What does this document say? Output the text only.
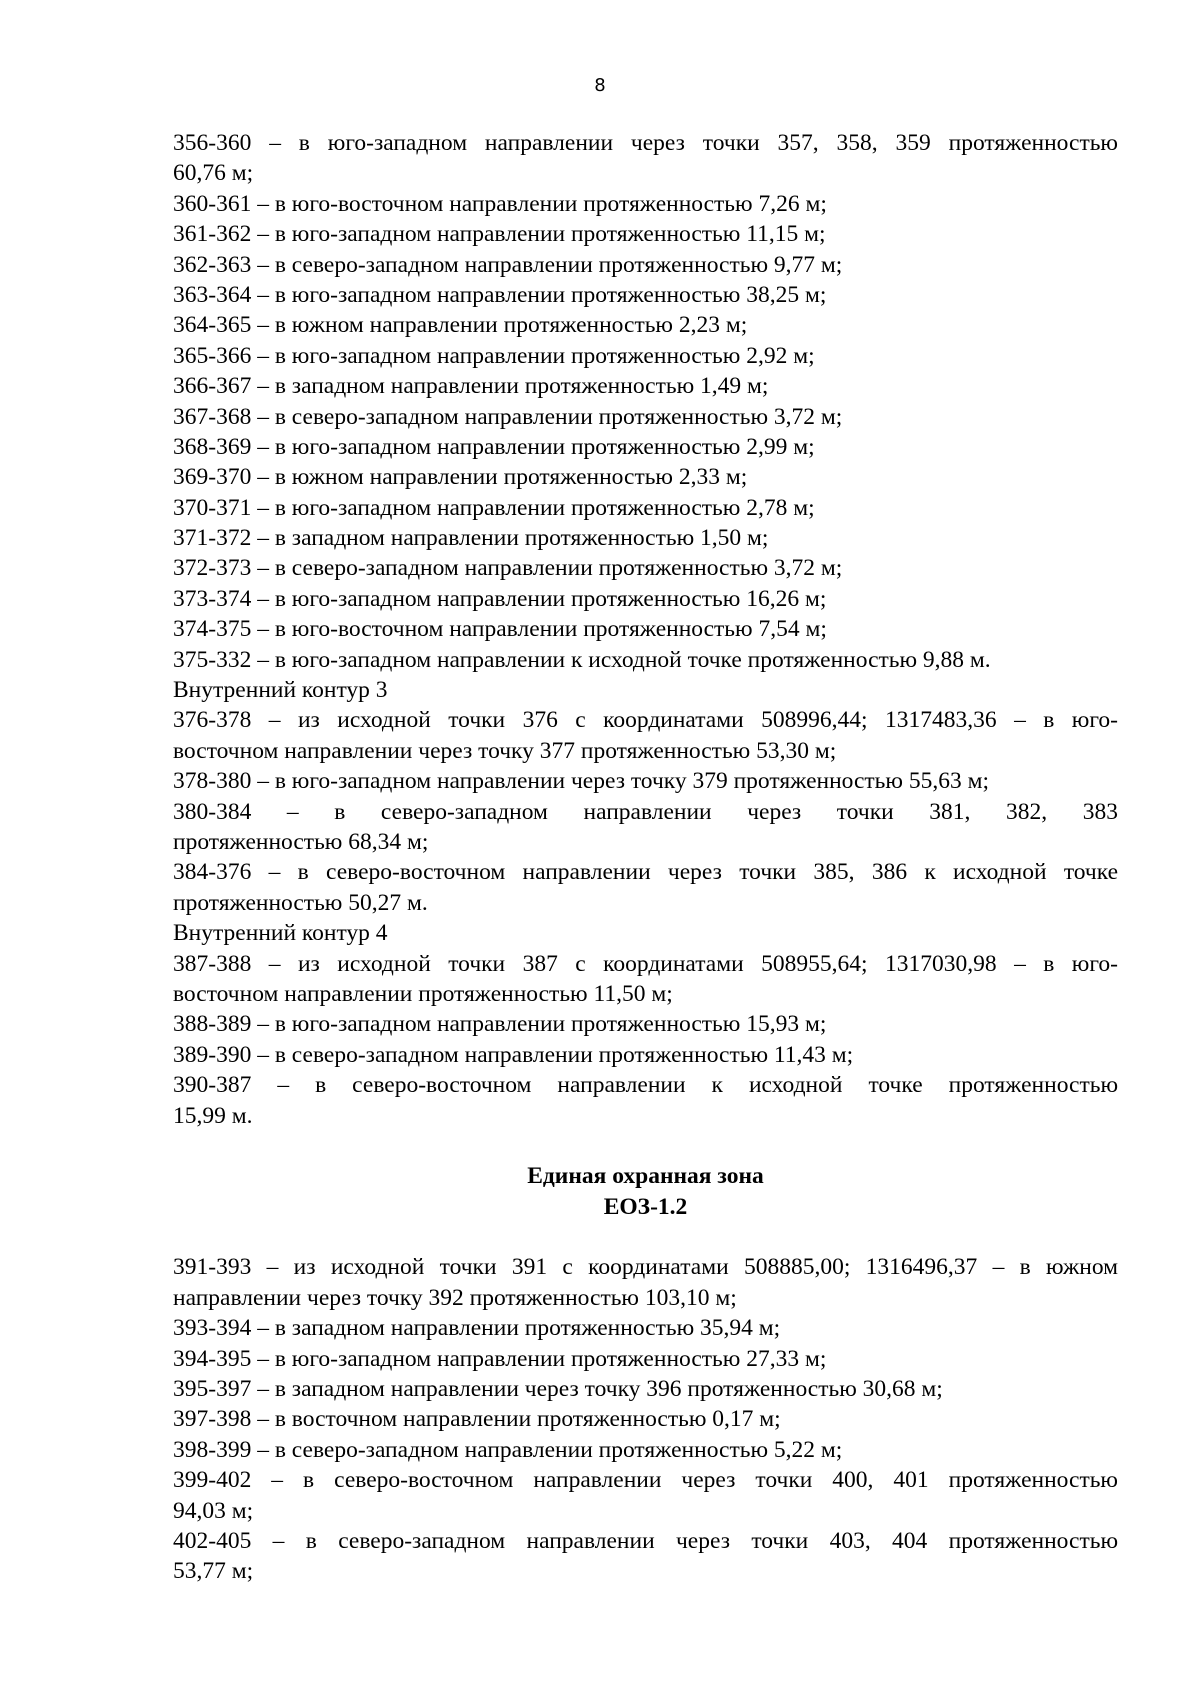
8
356-360 – в юго-западном направлении через точки 357, 358, 359 протяженностью
60,76 м;
360-361 – в юго-восточном направлении протяженностью 7,26 м;
361-362 – в юго-западном направлении протяженностью 11,15 м;
362-363 – в северо-западном направлении протяженностью 9,77 м;
363-364 – в юго-западном направлении протяженностью 38,25 м;
364-365 – в южном направлении протяженностью 2,23 м;
365-366 – в юго-западном направлении протяженностью 2,92 м;
366-367 – в западном направлении протяженностью 1,49 м;
367-368 – в северо-западном направлении протяженностью 3,72 м;
368-369 – в юго-западном направлении протяженностью 2,99 м;
369-370 – в южном направлении протяженностью 2,33 м;
370-371 – в юго-западном направлении протяженностью 2,78 м;
371-372 – в западном направлении протяженностью 1,50 м;
372-373 – в северо-западном направлении протяженностью 3,72 м;
373-374 – в юго-западном направлении протяженностью 16,26 м;
374-375 – в юго-восточном направлении протяженностью 7,54 м;
375-332 – в юго-западном направлении к исходной точке протяженностью 9,88 м.
Внутренний контур 3
376-378 – из исходной точки 376 с координатами 508996,44; 1317483,36 – в юго-
восточном направлении через точку 377 протяженностью 53,30 м;
378-380 – в юго-западном направлении через точку 379 протяженностью 55,63 м;
380-384 – в северо-западном направлении через точки 381, 382, 383
протяженностью 68,34 м;
384-376 – в северо-восточном направлении через точки 385, 386 к исходной точке
протяженностью 50,27 м.
Внутренний контур 4
387-388 – из исходной точки 387 с координатами 508955,64; 1317030,98 – в юго-
восточном направлении протяженностью 11,50 м;
388-389 – в юго-западном направлении протяженностью 15,93 м;
389-390 – в северо-западном направлении протяженностью 11,43 м;
390-387 – в северо-восточном направлении к исходной точке протяженностью
15,99 м.
Единая охранная зона
ЕОЗ-1.2
391-393 – из исходной точки 391 с координатами 508885,00; 1316496,37 – в южном
направлении через точку 392 протяженностью 103,10 м;
393-394 – в западном направлении протяженностью 35,94 м;
394-395 – в юго-западном направлении протяженностью 27,33 м;
395-397 – в западном направлении через точку 396 протяженностью 30,68 м;
397-398 – в восточном направлении протяженностью 0,17 м;
398-399 – в северо-западном направлении протяженностью 5,22 м;
399-402 – в северо-восточном направлении через точки 400, 401 протяженностью
94,03 м;
402-405 – в северо-западном направлении через точки 403, 404 протяженностью
53,77 м;
